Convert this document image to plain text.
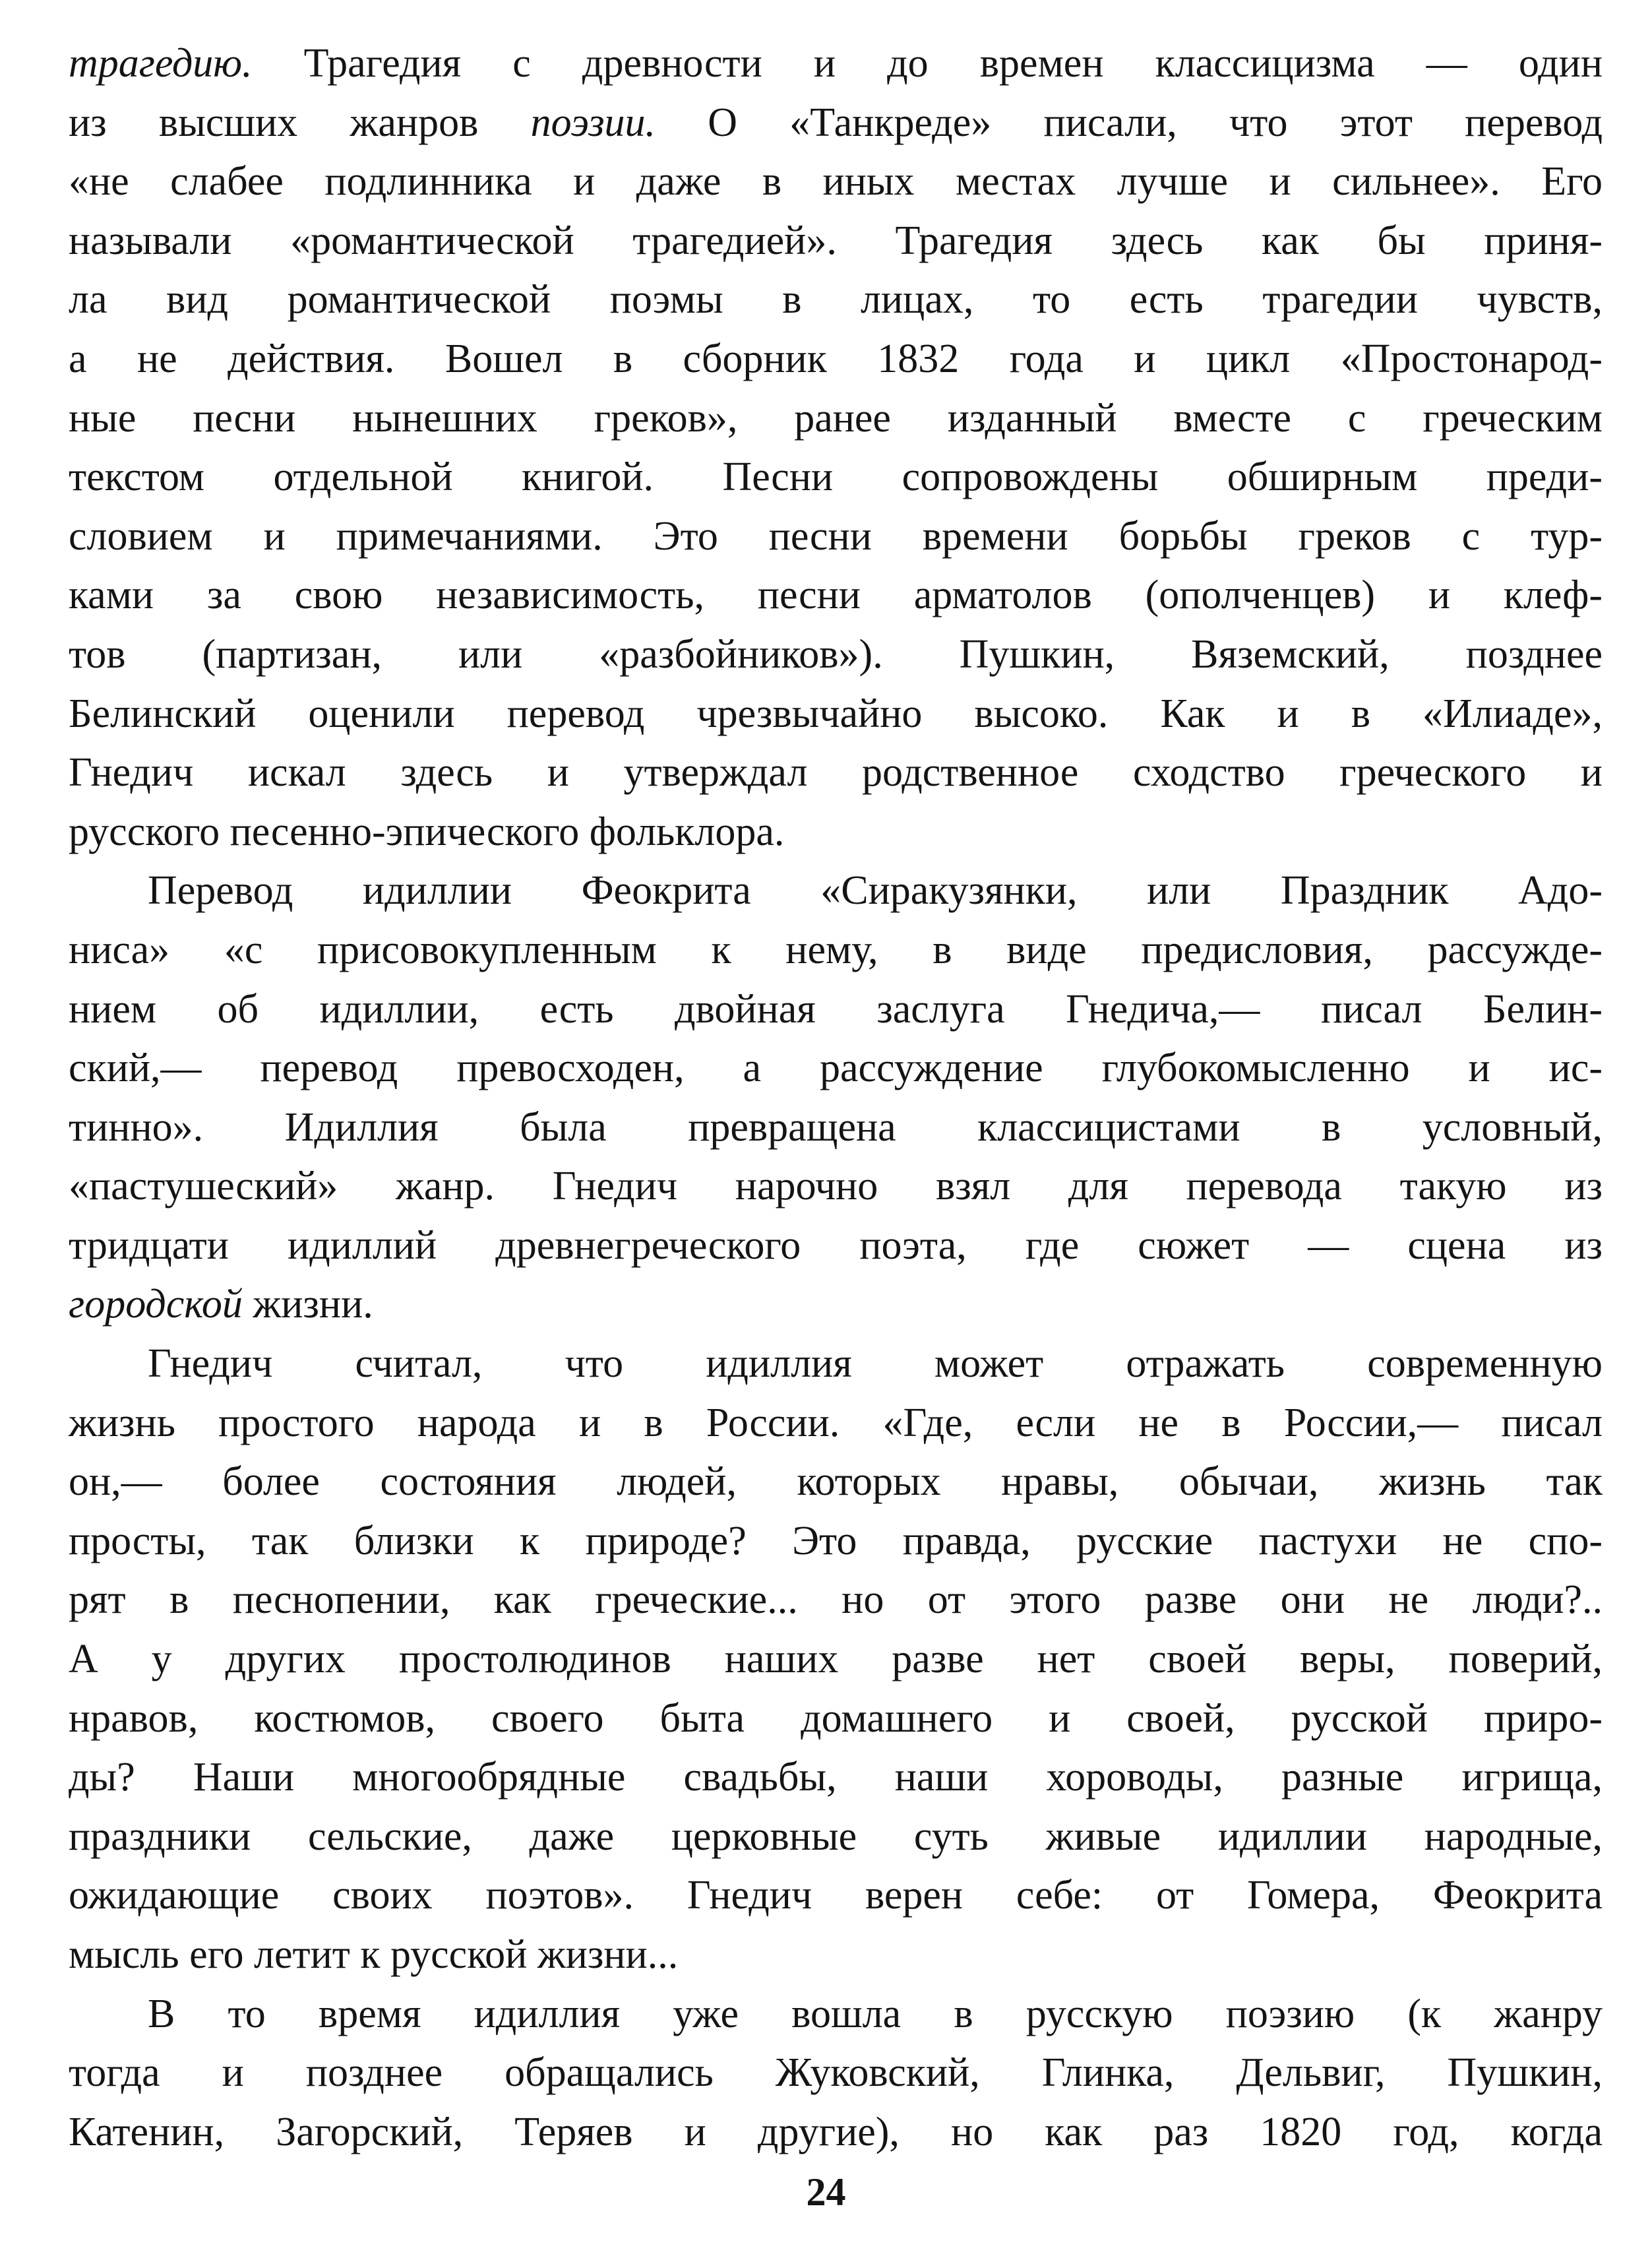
трагедию. Трагедия с древности и до времен классицизма — один
из высших жанров поэзии. О «Танкреде» писали, что этот перевод
«не слабее подлинника и даже в иных местах лучше и сильнее». Его
называли «романтической трагедией». Трагедия здесь как бы приня-
ла вид романтической поэмы в лицах, то есть трагедии чувств,
а не действия. Вошел в сборник 1832 года и цикл «Простонарод-
ные песни нынешних греков», ранее изданный вместе с греческим
текстом отдельной книгой. Песни сопровождены обширным преди-
словием и примечаниями. Это песни времени борьбы греков с тур-
ками за свою независимость, песни арматолов (ополченцев) и клеф-
тов (партизан, или «разбойников»). Пушкин, Вяземский, позднее
Белинский оценили перевод чрезвычайно высоко. Как и в «Илиаде»,
Гнедич искал здесь и утверждал родственное сходство греческого и
русского песенно-эпического фольклора.

Перевод идиллии Феокрита «Сиракузянки, или Праздник Адо-
ниса» «с присовокупленным к нему, в виде предисловия, рассужде-
нием об идиллии, есть двойная заслуга Гнедича,— писал Белин-
ский,— перевод превосходен, а рассуждение глубокомысленно и ис-
тинно». Идиллия была превращена классицистами в условный,
«пастушеский» жанр. Гнедич нарочно взял для перевода такую из
тридцати идиллий древнегреческого поэта, где сюжет — сцена из
городской жизни.

Гнедич считал, что идиллия может отражать современную
жизнь простого народа и в России. «Где, если не в России,— писал
он,— более состояния людей, которых нравы, обычаи, жизнь так
просты, так близки к природе? Это правда, русские пастухи не спо-
рят в песнопении, как греческие... но от этого разве они не люди?..
А у других простолюдинов наших разве нет своей веры, поверий,
нравов, костюмов, своего быта домашнего и своей, русской приро-
ды? Наши многообрядные свадьбы, наши хороводы, разные игрища,
праздники сельские, даже церковные суть живые идиллии народные,
ожидающие своих поэтов». Гнедич верен себе: от Гомера, Феокрита
мысль его летит к русской жизни...

В то время идиллия уже вошла в русскую поэзию (к жанру
тогда и позднее обращались Жуковский, Глинка, Дельвиг, Пушкин,
Катенин, Загорский, Теряев и другие), но как раз 1820 год, когда

24
